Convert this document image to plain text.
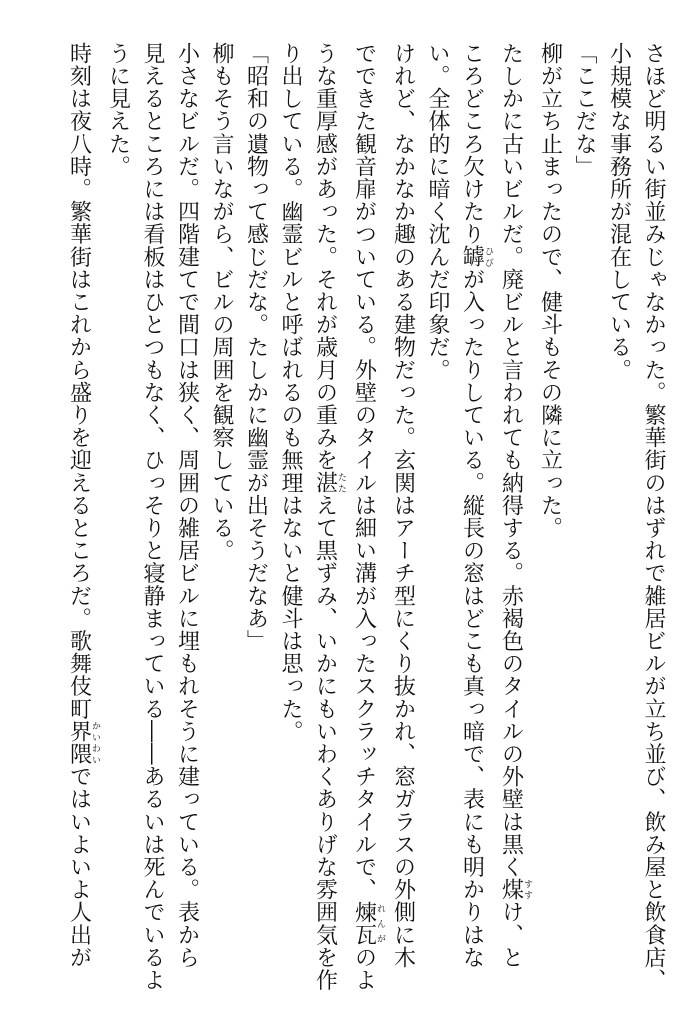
さほど明るい街並みじゃなかった。繁華街のはずれで雑居ビルが立ち並び、飲み屋と飲食店、
小規模な事務所が混在している。
「ここだな」
柳が立ち止まったので、健斗もその隣に立った。
たしかに古いビルだ。廃ビルと言われても納得する。赤褐色のタイルの外壁は黒く煤すすけ、と
ころどころ欠けたり罅ひびが入ったりしている。縦長の窓はどこも真っ暗で、表にも明かりはな
い。全体的に暗く沈んだ印象だ。
けれど、なかなか趣のある建物だった。玄関はアーチ型にくり抜かれ、窓ガラスの外側に木
でできた観音扉がついている。外壁のタイルは細い溝が入ったスクラッチタイルで、煉瓦れんがのよ
うな重厚感があった。それが歳月の重みを湛たたえて黒ずみ、いかにもいわくありげな雰囲気を作
り出している。幽霊ビルと呼ばれるのも無理はないと健斗は思った。
「昭和の遺物って感じだな。たしかに幽霊が出そうだなあ」
柳もそう言いながら、ビルの周囲を観察している。
小さなビルだ。四階建てで間口は狭く、周囲の雑居ビルに埋もれそうに建っている。表から
見えるところには看板はひとつもなく、ひっそりと寝静まっている――あるいは死んでいるよ
うに見えた。
時刻は夜八時。繁華街はこれから盛りを迎えるところだ。歌舞伎町界隈かいわいではいよいよ人出が
